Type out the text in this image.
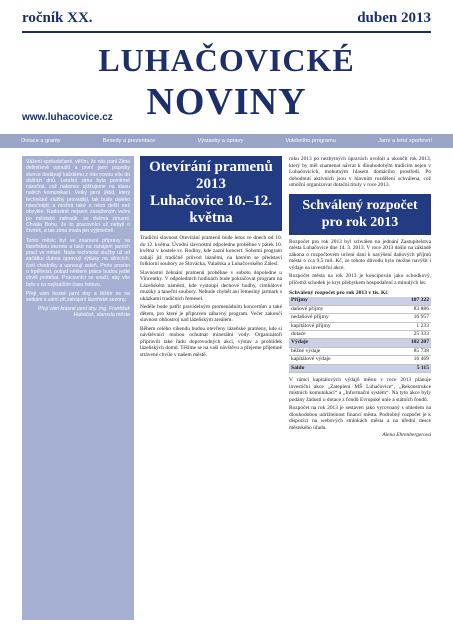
ročník XX.	duben 2013
LUHAČOVICKÉ
NOVINY
www.luhacovice.cz
Dotace a granty	Besedy a prezentace	Výstavby a úpravy	Volebního programu	Jarní a letní sportovní

Vážení spoluobčané, věřím, že nás paní Zima definitivně opouští a první jarní paprsky slunce dodávají každému z nás novou sílu do dalších dnů. Letošní zima byla poměrně náročná, což nakonec zjišťujeme na stavu našich komunikací. Velký jarní úklid, který technické služby provádějí, tak bude daleko náročnější a možná také o něco delší než obvykle. Radostně nejsem zasaženým velmi po městské zahradě, se dvěma zimami. Chvála Bohu, že to pracovníci už nebyli o čtvrtek, a tak zima trvala jen výjimečně.

Tento měsíc byl ve znamení přípravy na lázeňskou sezonu a také na zahájení jarních prací ve městě. Naše technické služby už od začátku dubna opravují výtluky na silnicích, čistí chodníky a upravují zeleň. Proto prosím o trpělivost, pokud některé práce budou ještě chvíli probíhat. Pracovníci se snaží, aby vše bylo v co nejkratším čase hotovo.

Přeji vám hezké jarní dny a těším se na setkání s vámi při zahájení lázeňské sezony.

Přeji vám krásné jarní dny. Ing. František Hubáček, starosta města

Otevírání pramenů 2013
Luhačovice 10.–12. května

Tradiční slavnost Otevírání pramenů bude letos ve dnech od 10. do 12. května. Úvodní slavnostní odpoledne proběhne v pátek 10. května v kostele sv. Rodiny, kde zazní koncert. Sobotní program zahájí již tradičně průvod lázněmi, na kterém se představí folklorní soubory ze Slovácka, Valašska a Luhačovského Zálesí.

Slavnostní žehnání pramenů proběhne v sobotu dopoledne u Vincentky. V odpoledních hodinách bude pokračovat program na Lázeňském náměstí, kde vystoupí dechové hudby, cimbálové muziky a taneční soubory. Nebude chybět ani řemeslný jarmark s ukázkami tradičních řemesel.

Neděle bude patřit pravidelným promenádním koncertům a také dětem, pro které je připraven zábavný program. Večer zakončí slavnost ohňostroj nad lázeňským areálem.

Během celého víkendu budou otevřeny lázeňské prameny, kde si návštěvníci mohou ochutnat minerální vody. Organizátoři připravili také řadu doprovodných akcí, výstav a prohlídek lázeňských domů. Těšíme se na vaši návštěvu a přejeme příjemně strávené chvíle v našem městě.

roku 2013 po nezbytných úpravách uvolnit a ukončit rok 2013, který by měl znamenat návrat k dlouhodobým tradicím nejen v Luhačovicích, mohutným hlasem domácího prostředí. Po dohodnutí aktivních jsou v hlavním rozdělení schválena, což umožní organizovat dotační tituly v roce 2013.

Schválený rozpočet pro rok 2013

Rozpočet pro rok 2013 byl schválen na jednání Zastupitelstva města Luhačovice dne 14. 3. 2013. V roce 2013 došlo na základě zákona o rozpočtovém určení daní k navýšení daňových příjmů města o cca 9,5 mil. Kč, ze tohoto důvodu bylo možné navýšit i výdaje na investiční akce.

Rozpočet města na rok 2013 je koncipován jako schodkový, přičemž schodek je kryt přebytkem hospodaření z minulých let.

Schválený rozpočet pro rok 2013 v tis. Kč
Příjmy	107 322
daňové příjmy	83 886
nedaňové příjmy	16 957
kapitálové příjmy	1 233
dotace	25 333
Výdaje	102 207
běžné výdaje	85 738
kapitálové výdaje	16 469
Saldo	5 115

V rámci kapitálových výdajů město v roce 2013 plánuje investiční akce „Zateplení MŠ Luhačovice“, „Rekonstrukce místních komunikací“ a „Informační systém“. Na tyto akce byly podány žádosti o dotace z fondů Evropské unie a státních fondů.

Rozpočet na rok 2013 je sestaven jako vyrovnaný s ohledem na dlouhodobou udržitelnost financí města. Podrobný rozpočet je k dispozici na webových stránkách města a na úřední desce městského úřadu.

Alena Ehrenbergerová
